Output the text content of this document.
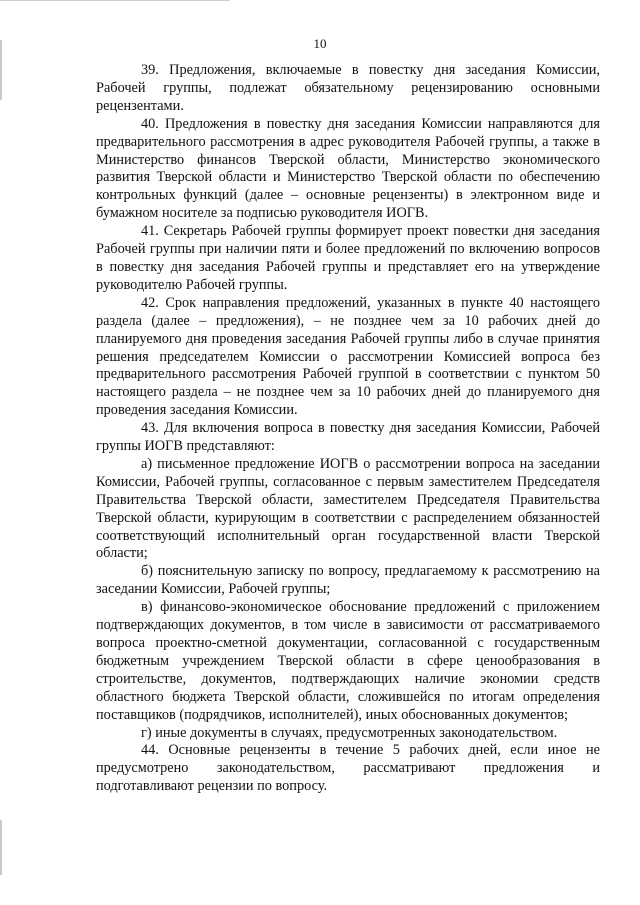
10

39. Предложения, включаемые в повестку дня заседания Комиссии, Рабочей группы, подлежат обязательному рецензированию основными рецензентами.

40. Предложения в повестку дня заседания Комиссии направляются для предварительного рассмотрения в адрес руководителя Рабочей группы, а также в Министерство финансов Тверской области, Министерство экономического развития Тверской области и Министерство Тверской области по обеспечению контрольных функций (далее – основные рецензенты) в электронном виде и бумажном носителе за подписью руководителя ИОГВ.

41. Секретарь Рабочей группы формирует проект повестки дня заседания Рабочей группы при наличии пяти и более предложений по включению вопросов в повестку дня заседания Рабочей группы и представляет его на утверждение руководителю Рабочей группы.

42. Срок направления предложений, указанных в пункте 40 настоящего раздела (далее – предложения), – не позднее чем за 10 рабочих дней до планируемого дня проведения заседания Рабочей группы либо в случае принятия решения председателем Комиссии о рассмотрении Комиссией вопроса без предварительного рассмотрения Рабочей группой в соответствии с пунктом 50 настоящего раздела – не позднее чем за 10 рабочих дней до планируемого дня проведения заседания Комиссии.

43. Для включения вопроса в повестку дня заседания Комиссии, Рабочей группы ИОГВ представляют:

а) письменное предложение ИОГВ о рассмотрении вопроса на заседании Комиссии, Рабочей группы, согласованное с первым заместителем Председателя Правительства Тверской области, заместителем Председателя Правительства Тверской области, курирующим в соответствии с распределением обязанностей соответствующий исполнительный орган государственной власти Тверской области;

б) пояснительную записку по вопросу, предлагаемому к рассмотрению на заседании Комиссии, Рабочей группы;

в) финансово-экономическое обоснование предложений с приложением подтверждающих документов, в том числе в зависимости от рассматриваемого вопроса проектно-сметной документации, согласованной с государственным бюджетным учреждением Тверской области в сфере ценообразования в строительстве, документов, подтверждающих наличие экономии средств областного бюджета Тверской области, сложившейся по итогам определения поставщиков (подрядчиков, исполнителей), иных обоснованных документов;

г) иные документы в случаях, предусмотренных законодательством.

44. Основные рецензенты в течение 5 рабочих дней, если иное не предусмотрено законодательством, рассматривают предложения и подготавливают рецензии по вопросу.
